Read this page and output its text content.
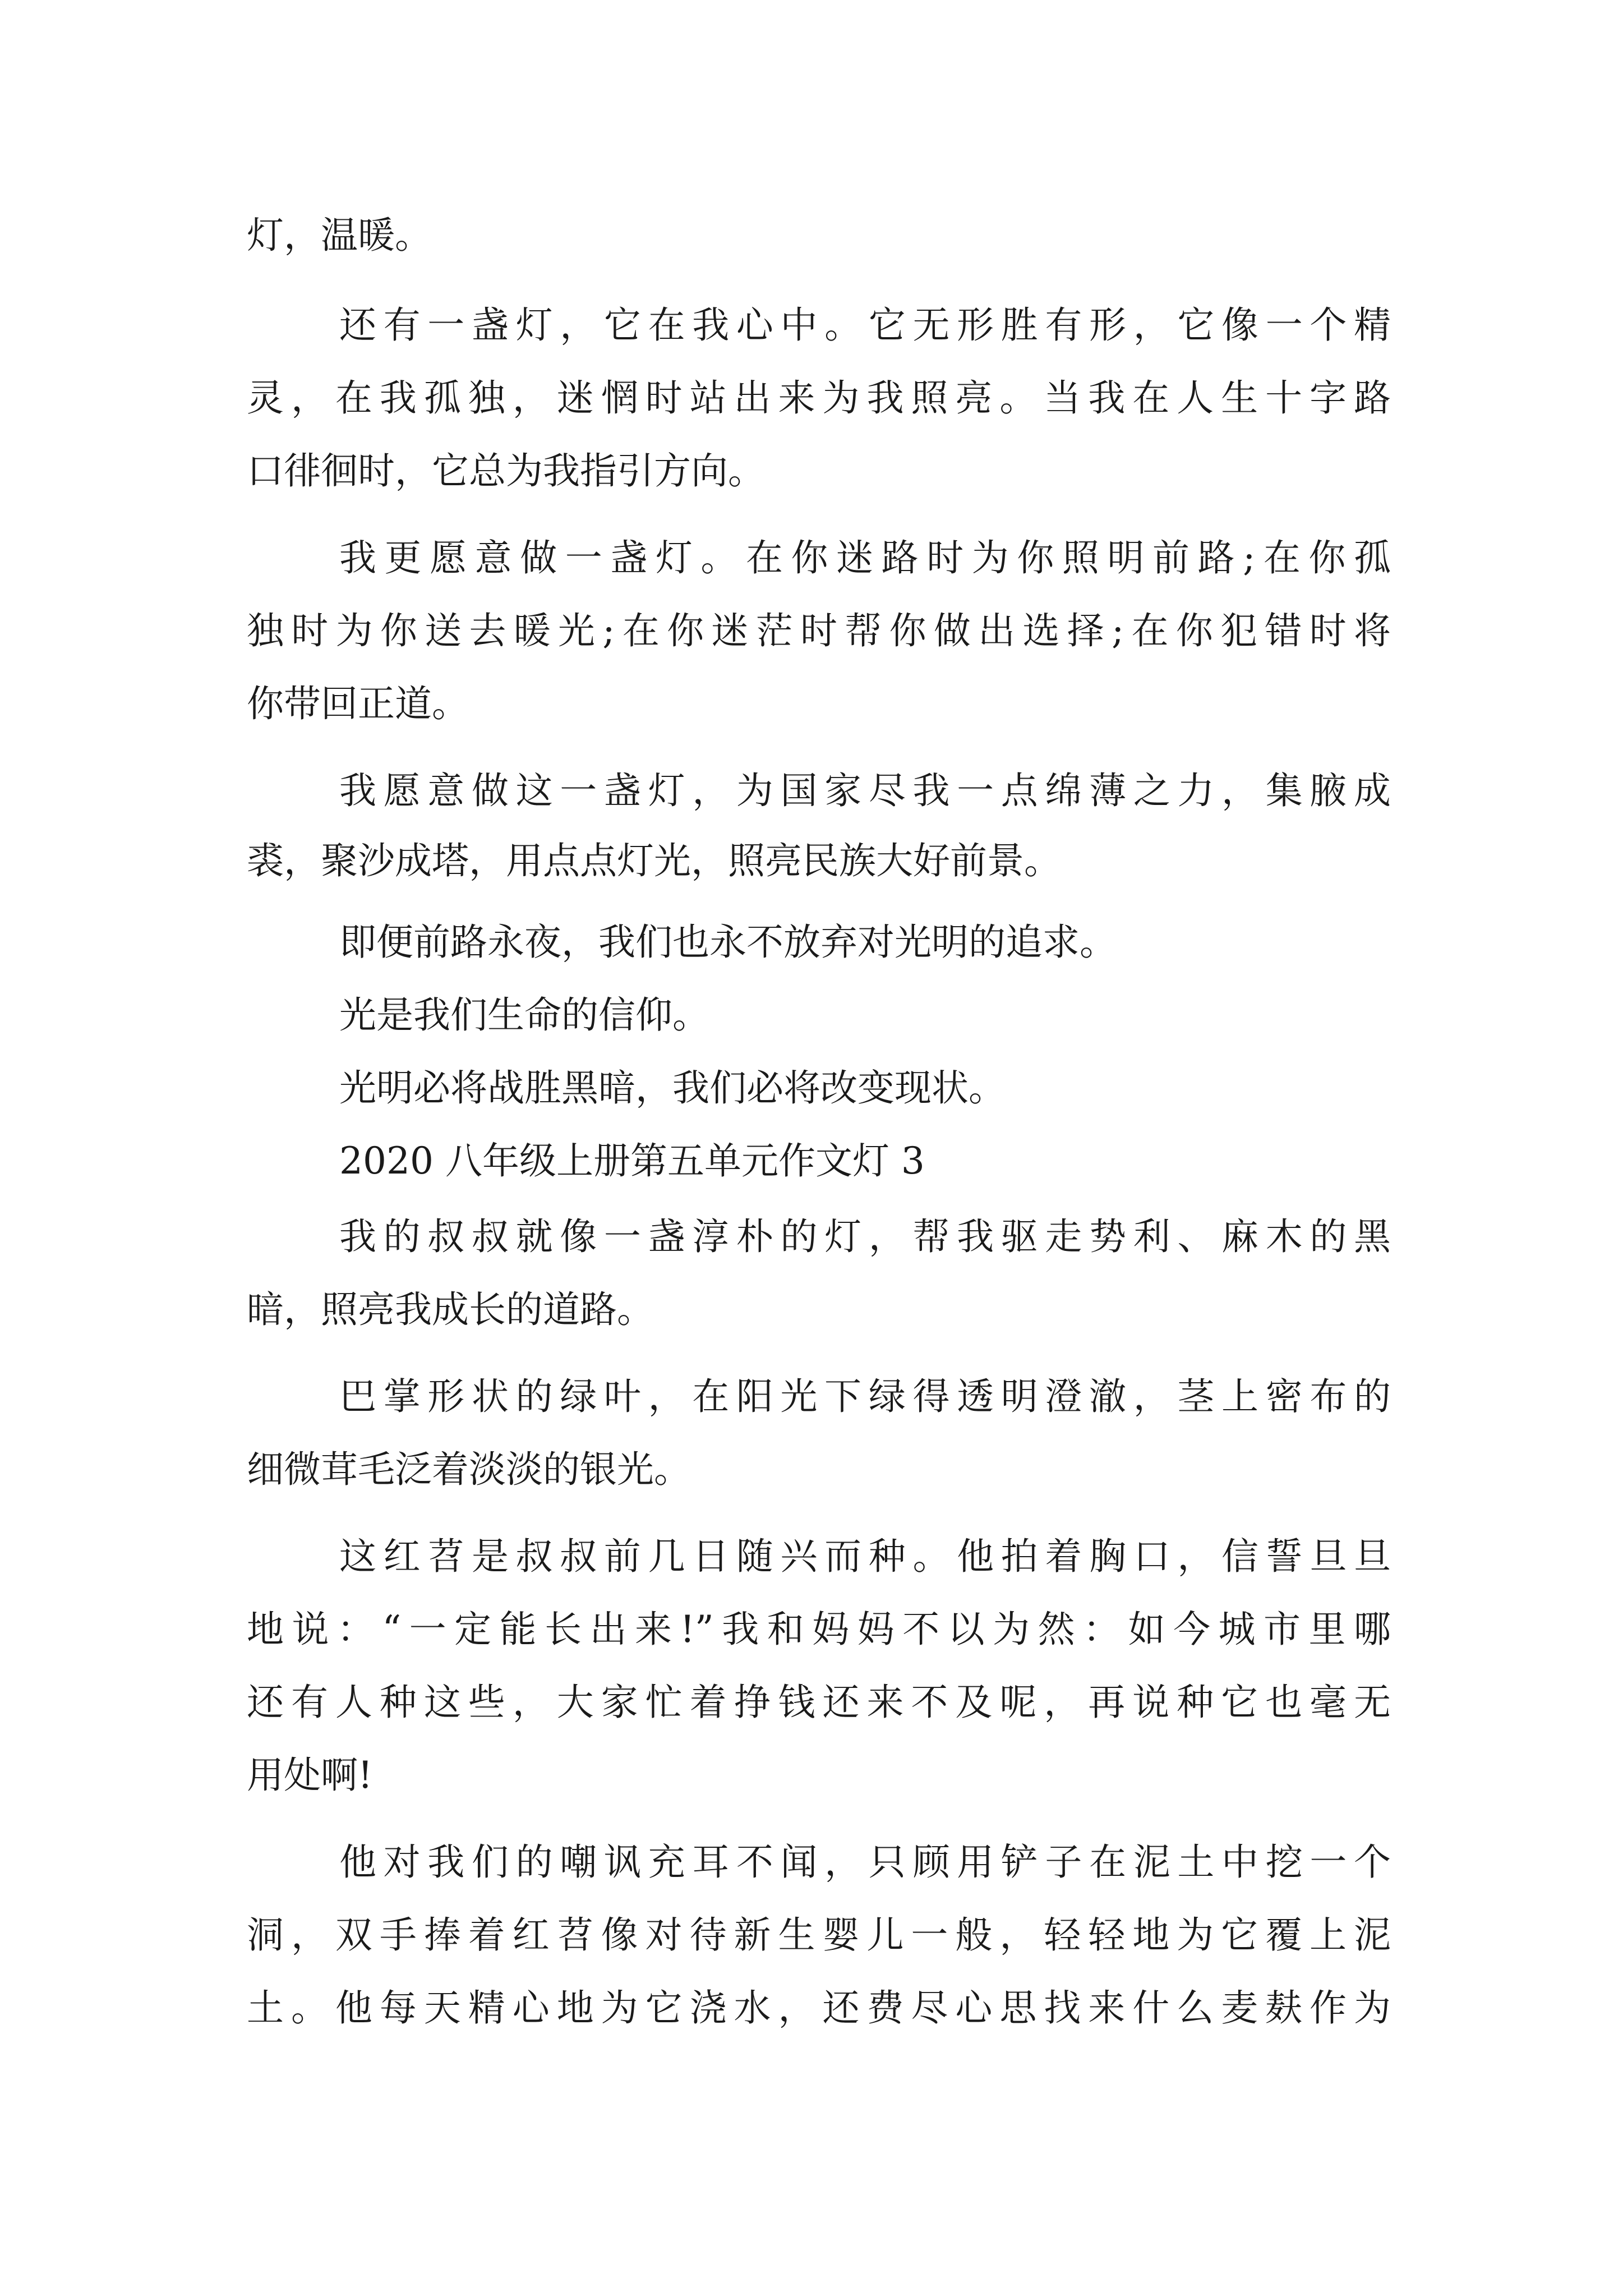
灯，温暖。
还有一盏灯，它在我心中。它无形胜有形，它像一个精
灵，在我孤独，迷惘时站出来为我照亮。当我在人生十字路
口徘徊时，它总为我指引方向。
我更愿意做一盏灯。在你迷路时为你照明前路;在你孤
独时为你送去暖光;在你迷茫时帮你做出选择;在你犯错时将
你带回正道。
我愿意做这一盏灯，为国家尽我一点绵薄之力，集腋成
裘，聚沙成塔，用点点灯光，照亮民族大好前景。
即便前路永夜，我们也永不放弃对光明的追求。
光是我们生命的信仰。
光明必将战胜黑暗，我们必将改变现状。
2020 八年级上册第五单元作文灯 3
我的叔叔就像一盏淳朴的灯，帮我驱走势利、麻木的黑
暗，照亮我成长的道路。
巴掌形状的绿叶，在阳光下绿得透明澄澈，茎上密布的
细微茸毛泛着淡淡的银光。
这红苕是叔叔前几日随兴而种。他拍着胸口，信誓旦旦
地说：“一定能长出来!”我和妈妈不以为然：如今城市里哪
还有人种这些，大家忙着挣钱还来不及呢，再说种它也毫无
用处啊!
他对我们的嘲讽充耳不闻，只顾用铲子在泥土中挖一个
洞，双手捧着红苕像对待新生婴儿一般，轻轻地为它覆上泥
土。他每天精心地为它浇水，还费尽心思找来什么麦麸作为
